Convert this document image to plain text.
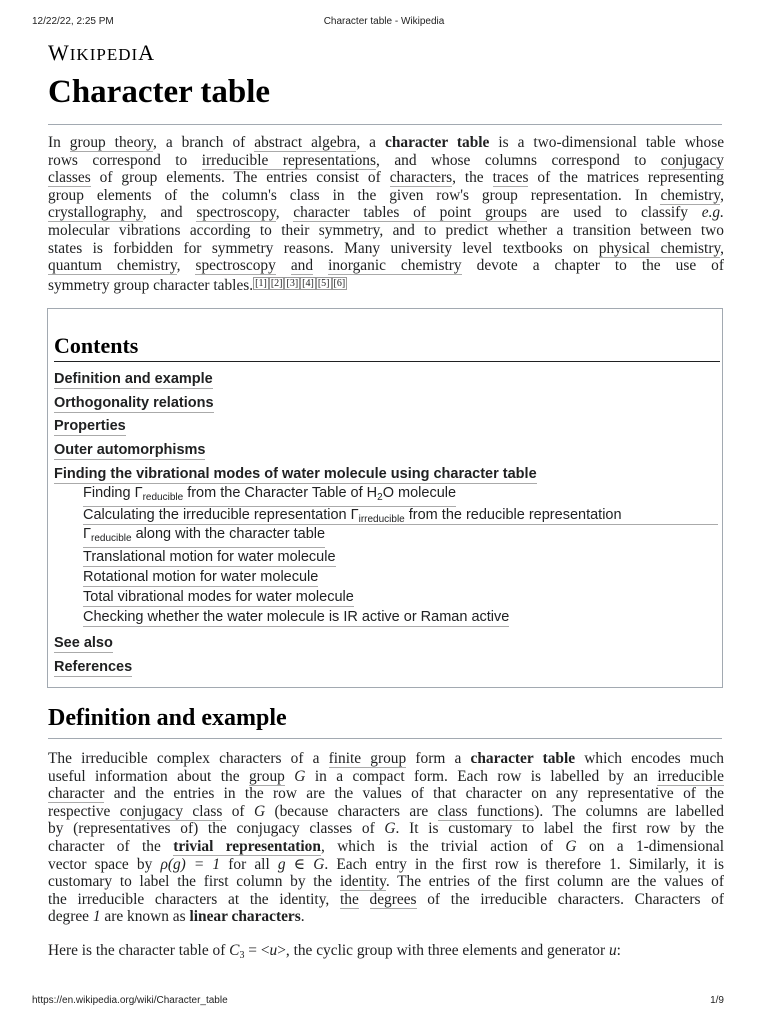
12/22/22, 2:25 PM	Character table - Wikipedia
WIKIPEDIA
Character table
In group theory, a branch of abstract algebra, a character table is a two-dimensional table whose
rows correspond to irreducible representations, and whose columns correspond to conjugacy
classes of group elements. The entries consist of characters, the traces of the matrices representing
group elements of the column's class in the given row's group representation. In chemistry,
crystallography, and spectroscopy, character tables of point groups are used to classify e.g.
molecular vibrations according to their symmetry, and to predict whether a transition between two
states is forbidden for symmetry reasons. Many university level textbooks on physical chemistry,
quantum chemistry, spectroscopy and inorganic chemistry devote a chapter to the use of
symmetry group character tables. [1] [2] [3] [4] [5] [6]
Contents
Definition and example
Orthogonality relations
Properties
Outer automorphisms
Finding the vibrational modes of water molecule using character table
Finding $\Gamma_{reducible}$ from the Character Table of $H_2O$ molecule
Calculating the irreducible representation $\Gamma_{irreducible}$ from the reducible representation
$\Gamma_{reducible}$ along with the character table
Translational motion for water molecule
Rotational motion for water molecule
Total vibrational modes for water molecule
Checking whether the water molecule is IR active or Raman active
See also
References
Definition and example
The irreducible complex characters of a finite group form a character table which encodes much
useful information about the group G in a compact form. Each row is labelled by an irreducible
character and the entries in the row are the values of that character on any representative of the
respective conjugacy class of G (because characters are class functions). The columns are labelled
by (representatives of) the conjugacy classes of G. It is customary to label the first row by the
character of the trivial representation, which is the trivial action of G on a 1-dimensional
vector space by ρ(g) = 1 for all g ∈ G. Each entry in the first row is therefore 1. Similarly, it is
customary to label the first column by the identity. The entries of the first column are the values of
the irreducible characters at the identity, the degrees of the irreducible characters. Characters of
degree 1 are known as linear characters.
Here is the character table of $C_3 = <u>$, the cyclic group with three elements and generator u:
https://en.wikipedia.org/wiki/Character_table	1/9
